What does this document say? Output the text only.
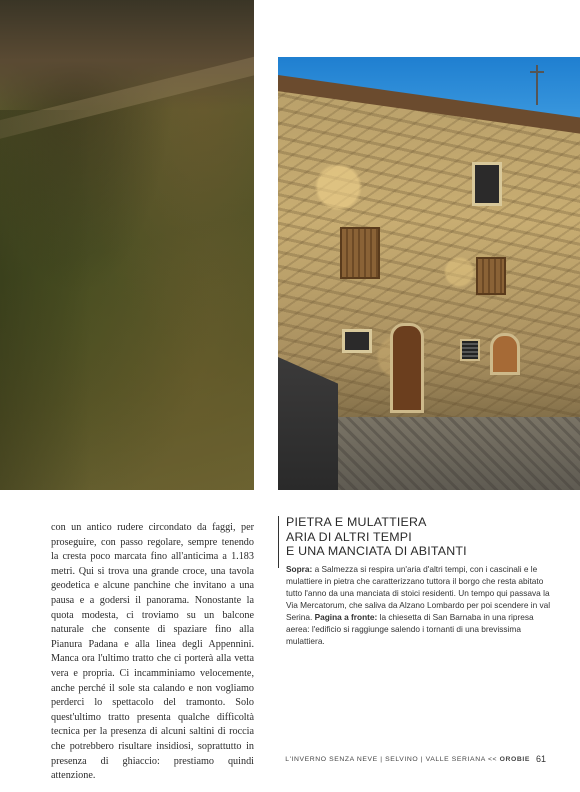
con un antico rudere circondato da faggi, per proseguire, con passo regolare, sempre tenendo la cresta poco marcata fino all'anticima a 1.183 metri. Qui si trova una grande croce, una tavola geodetica e alcune panchine che invitano a una pausa e a godersi il panorama. Nonostante la quota modesta, ci troviamo su un balcone naturale che consente di spaziare fino alla Pianura Padana e alla linea degli Appennini. Manca ora l'ultimo tratto che ci porterà alla vetta vera e propria. Ci incamminiamo velocemente, anche perché il sole sta calando e non vogliamo perderci lo spettacolo del tramonto. Solo quest'ultimo tratto presenta qualche difficoltà tecnica per la presenza di alcuni saltini di roccia che potrebbero risultare insidiosi, soprattutto in presenza di ghiaccio: prestiamo quindi attenzione.

PIETRA E MULATTIERA
ARIA DI ALTRI TEMPI
E UNA MANCIATA DI ABITANTI

Sopra: a Salmezza si respira un'aria d'altri tempi, con i cascinali e le mulattiere in pietra che caratterizzano tuttora il borgo che resta abitato tutto l'anno da una manciata di stoici residenti. Un tempo qui passava la Via Mercatorum, che saliva da Alzano Lombardo per poi scendere in val Serina. Pagina a fronte: la chiesetta di San Barnaba in una ripresa aerea: l'edificio si raggiunge salendo i tornanti di una brevissima mulattiera.

L'INVERNO SENZA NEVE | SELVINO | VALLE SERIANA << OROBIE 61
